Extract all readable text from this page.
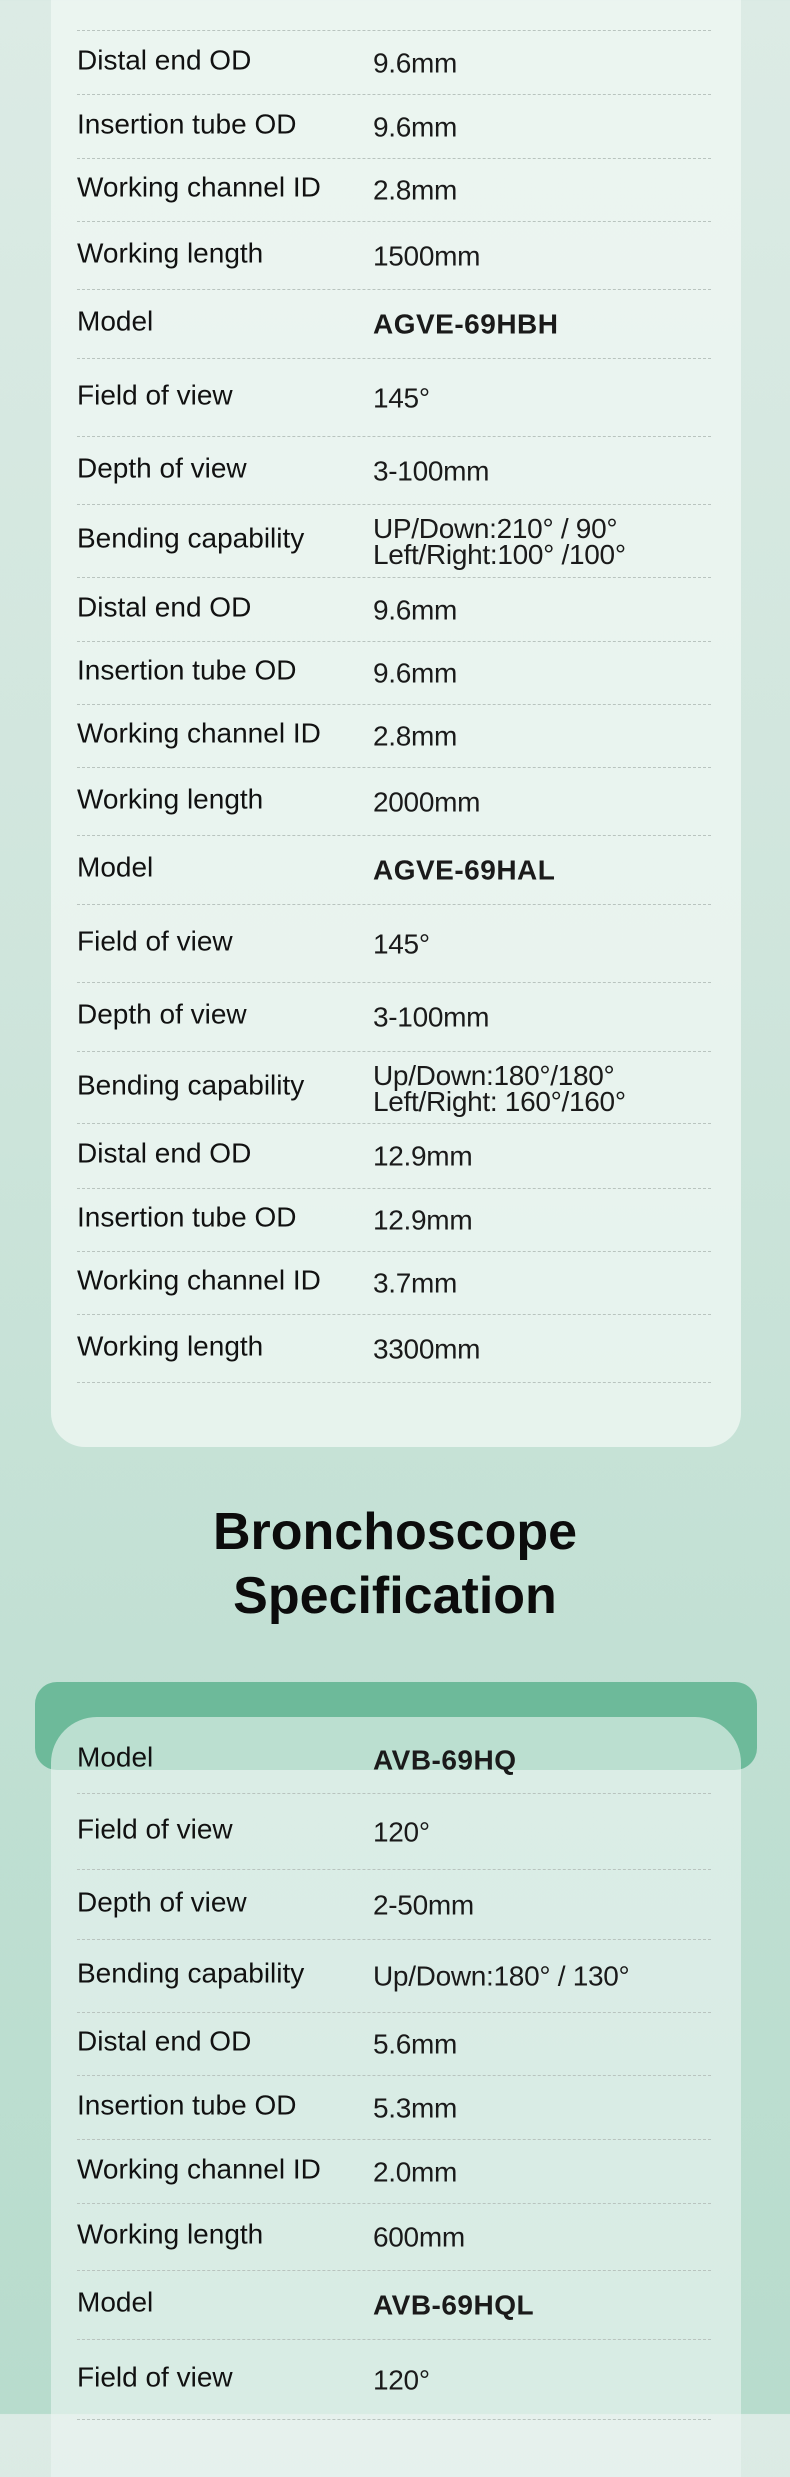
Distal end OD	9.6mm
Insertion tube OD	9.6mm
Working channel ID 2.8mm
Working length	1500mm
Model	AGVE-69HBH
Field of view	145°
Depth of view	3-100mm
Bending capability UP/Down:210° / 90°
Left/Right:100° /100°
Distal end OD	9.6mm
Insertion tube OD	9.6mm
Working channel ID 2.8mm
Working length	2000mm
Model	AGVE-69HAL
Field of view	145°
Depth of view	3-100mm
Bending capability Up/Down:180°/180°
Left/Right: 160°/160°
Distal end OD	12.9mm
Insertion tube OD	12.9mm
Working channel ID 3.7mm
Working length	3300mm
Bronchoscope
Specification
Model	AVB-69HQ
Field of view	120°
Depth of view	2-50mm
Bending capability Up/Down:180° / 130°
Distal end OD	5.6mm
Insertion tube OD	5.3mm
Working channel ID 2.0mm
Working length	600mm
Model	AVB-69HQL
Field of view	120°
